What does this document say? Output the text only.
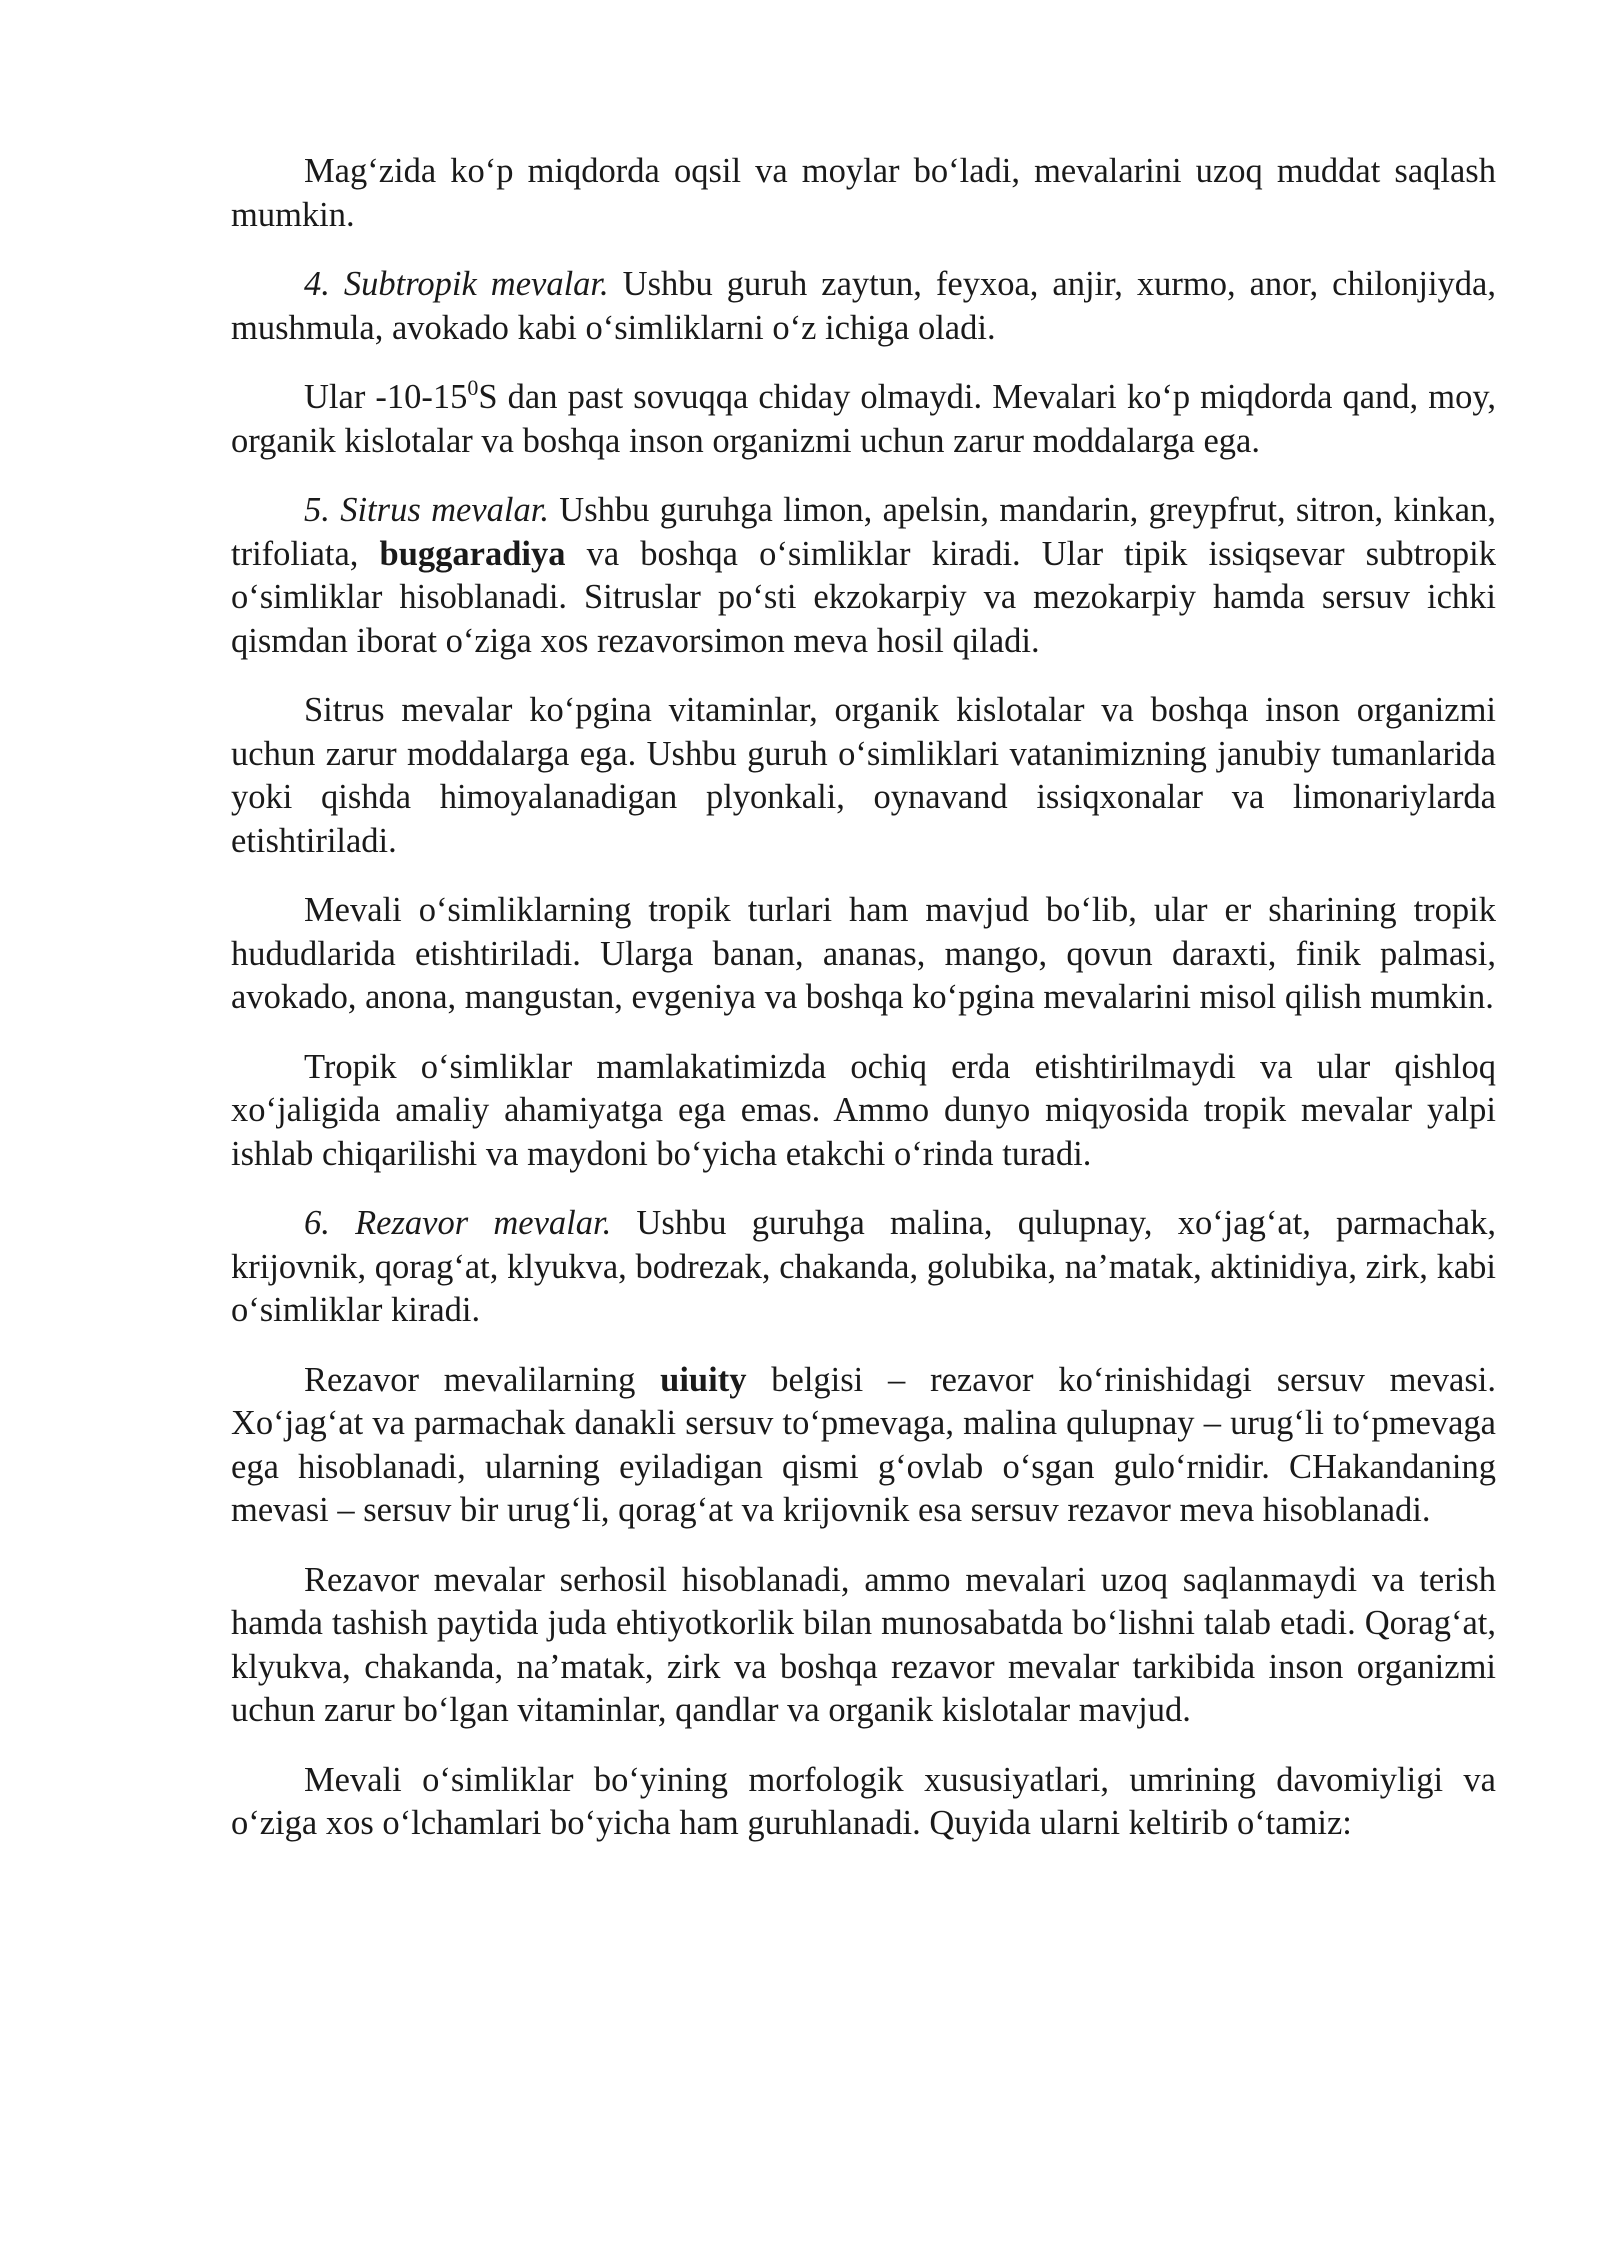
Mag‘zida ko‘p miqdorda oqsil va moylar bo‘ladi, mevalarini uzoq muddat saqlash mumkin.

4. Subtropik mevalar. Ushbu guruh zaytun, feyxoa, anjir, xurmo, anor, chilonjiyda, mushmula, avokado kabi o‘simliklarni o‘z ichiga oladi.

Ular $-10-15^0S$ dan past sovuqqa chiday olmaydi. Mevalari ko‘p miqdorda qand, moy, organik kislotalar va boshqa inson organizmi uchun zarur moddalarga ega.

5. Sitrus mevalar. Ushbu guruhga limon, apelsin, mandarin, greypfrut, sitron, kinkan, trifoliata, buggaradiya va boshqa o‘simliklar kiradi. Ular tipik issiqsevar subtropik o‘simliklar hisoblanadi. Sitruslar po‘sti ekzokarpiy va mezokarpiy hamda sersuv ichki qismdan iborat o‘ziga xos rezavorsimon meva hosil qiladi.

Sitrus mevalar ko‘pgina vitaminlar, organik kislotalar va boshqa inson organizmi uchun zarur moddalarga ega. Ushbu guruh o‘simliklari vatanimizning janubiy tumanlarida yoki qishda himoyalanadigan plyonkali, oynavand issiqxonalar va limonariylarda etishtiriladi.

Mevali o‘simliklarning tropik turlari ham mavjud bo‘lib, ular er sharining tropik hududlarida etishtiriladi. Ularga banan, ananas, mango, qovun daraxti, finik palmasi, avokado, anona, mangustan, evgeniya va boshqa ko‘pgina mevalarini misol qilish mumkin.

Tropik o‘simliklar mamlakatimizda ochiq erda etishtirilmaydi va ular qishloq xo‘jaligida amaliy ahamiyatga ega emas. Ammo dunyo miqyosida tropik mevalar yalpi ishlab chiqarilishi va maydoni bo‘yicha etakchi o‘rinda turadi.

6. Rezavor mevalar. Ushbu guruhga malina, qulupnay, xo‘jag‘at, parmachak, krijovnik, qorag‘at, klyukva, bodrezak, chakanda, golubika, na’matak, aktinidiya, zirk, kabi o‘simliklar kiradi.

Rezavor mevalilarning uiuity belgisi – rezavor ko‘rinishidagi sersuv mevasi. Xo‘jag‘at va parmachak danakli sersuv to‘pmevaga, malina qulupnay – urug‘li to‘pmevaga ega hisoblanadi, ularning eyiladigan qismi g‘ovlab o‘sgan gulo‘rnidir. CHakandaning mevasi – sersuv bir urug‘li, qorag‘at va krijovnik esa sersuv rezavor meva hisoblanadi.

Rezavor mevalar serhosil hisoblanadi, ammo mevalari uzoq saqlanmaydi va terish hamda tashish paytida juda ehtiyotkorlik bilan munosabatda bo‘lishni talab etadi. Qorag‘at, klyukva, chakanda, na’matak, zirk va boshqa rezavor mevalar tarkibida inson organizmi uchun zarur bo‘lgan vitaminlar, qandlar va organik kislotalar mavjud.

Mevali o‘simliklar bo‘yining morfologik xususiyatlari, umrining davomiyligi va o‘ziga xos o‘lchamlari bo‘yicha ham guruhlanadi. Quyida ularni keltirib o‘tamiz:
